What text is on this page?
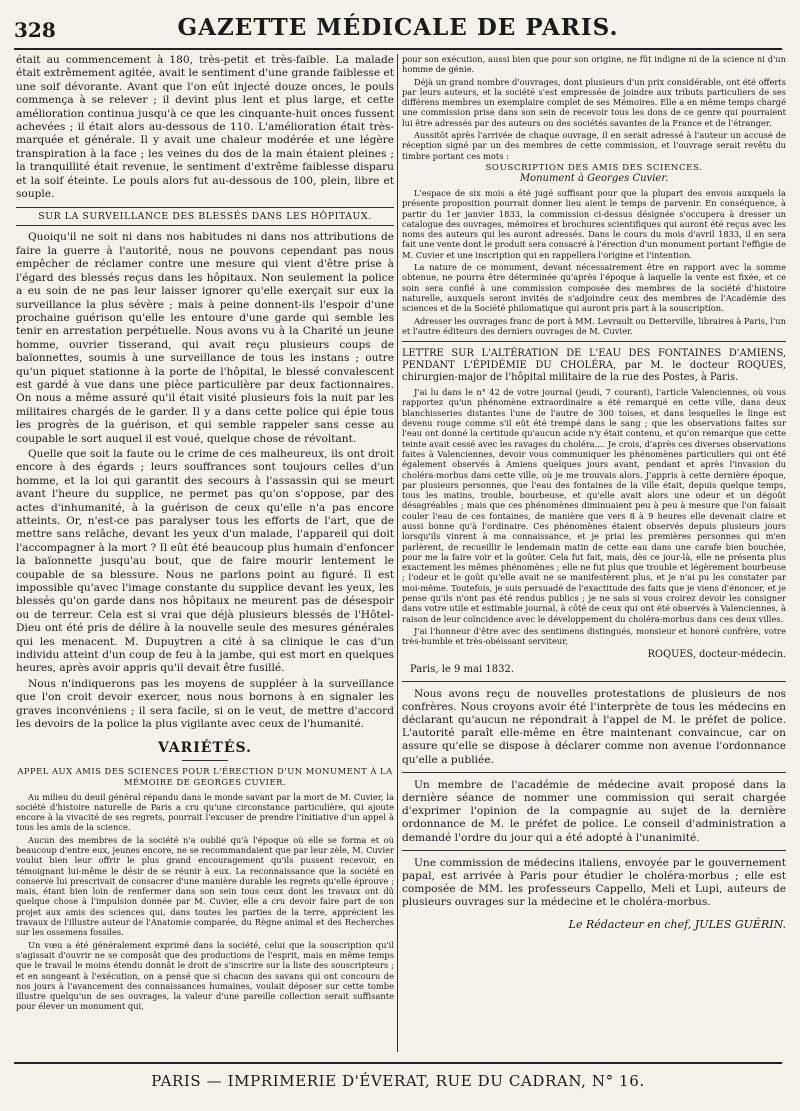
328	GAZETTE MÉDICALE DE PARIS.

était au commencement à 180, très-petit et très-faible. La malade était extrêmement agitée, avait le sentiment d'une grande faiblesse et une soif dévorante. Avant que l'on eût injecté douze onces, le pouls commença à se relever ; il devint plus lent et plus large, et cette amélioration continua jusqu'à ce que les cinquante-huit onces fussent achevées ; il était alors au-dessous de 110. L'amélioration était très-marquée et générale. Il y avait une chaleur modérée et une légère transpiration à la face ; les veines du dos de la main étaient pleines ; la tranquillité était revenue, le sentiment d'extrême faiblesse disparu et la soif éteinte. Le pouls alors fut au-dessous de 100, plein, libre et souple.

SUR LA SURVEILLANCE DES BLESSÉS DANS LES HÔPITAUX.

Quoiqu'il ne soit ni dans nos habitudes ni dans nos attributions de faire la guerre à l'autorité, nous ne pouvons cependant pas nous empêcher de réclamer contre une mesure qui vient d'être prise à l'égard des blessés reçus dans les hôpitaux. Non seulement la police a eu soin de ne pas leur laisser ignorer qu'elle exerçait sur eux la surveillance la plus sévère ; mais à peine donnent-ils l'espoir d'une prochaine guérison qu'elle les entoure d'une garde qui semble les tenir en arrestation perpétuelle. Nous avons vu à la Charité un jeune homme, ouvrier tisserand, qui avait reçu plusieurs coups de baïonnettes, soumis à une surveillance de tous les instans ; outre qu'un piquet stationne à la porte de l'hôpital, le blessé convalescent est gardé à vue dans une pièce particulière par deux factionnaires. On nous a même assuré qu'il était visité plusieurs fois la nuit par les militaires chargés de le garder. Il y a dans cette police qui épie tous les progrès de la guérison, et qui semble rappeler sans cesse au coupable le sort auquel il est voué, quelque chose de révoltant.

Quelle que soit la faute ou le crime de ces malheureux, ils ont droit encore à des égards ; leurs souffrances sont toujours celles d'un homme, et la loi qui garantit des secours à l'assassin qui se meurt avant l'heure du supplice, ne permet pas qu'on s'oppose, par des actes d'inhumanité, à la guérison de ceux qu'elle n'a pas encore atteints. Or, n'est-ce pas paralyser tous les efforts de l'art, que de mettre sans relâche, devant les yeux d'un malade, l'appareil qui doit l'accompagner à la mort ? Il eût été beaucoup plus humain d'enfoncer la baïonnette jusqu'au bout, que de faire mourir lentement le coupable de sa blessure. Nous ne parlons point au figuré. Il est impossible qu'avec l'image constante du supplice devant les yeux, les blessés qu'on garde dans nos hôpitaux ne meurent pas de désespoir ou de terreur. Cela est si vrai que déjà plusieurs blessés de l'Hôtel-Dieu ont été pris de délire à la nouvelle seule des mesures générales qui les menacent. M. Dupuytren a cité à sa clinique le cas d'un individu atteint d'un coup de feu à la jambe, qui est mort en quelques heures, après avoir appris qu'il devait être fusillé.

Nous n'indiquerons pas les moyens de suppléer à la surveillance que l'on croit devoir exercer, nous nous bornons à en signaler les graves inconvéniens ; il sera facile, si on le veut, de mettre d'accord les devoirs de la police la plus vigilante avec ceux de l'humanité.

VARIÉTÉS.
APPEL AUX AMIS DES SCIENCES POUR L'ÉRECTION D'UN MONUMENT À LA MÉMOIRE DE GEORGES CUVIER.

Au milieu du deuil général répandu dans le monde savant par la mort de M. Cuvier, la société d'histoire naturelle de Paris a cru qu'une circonstance particulière, qui ajoute encore à la vivacité de ses regrets, pourrait l'excuser de prendre l'initiative d'un appel à tous les amis de la science.

Aucun des membres de la société n'a oublié qu'à l'époque où elle se forma et où beaucoup d'entre eux, jeunes encore, ne se recommandaient que par leur zèle, M. Cuvier voulut bien leur offrir le plus grand encouragement qu'ils pussent recevoir, en témoignant lui-même le désir de se réunir à eux. La reconnaissance que la société en conserve lui prescrivait de consacrer d'une manière durable les regrets qu'elle éprouve ; mais, étant bien loin de renfermer dans son sein tous ceux dont les travaux ont dû quelque chose à l'impulsion donnée par M. Cuvier, elle a cru devoir faire part de son projet aux amis des sciences qui, dans toutes les parties de la terre, apprécient les travaux de l'illustre auteur de l'Anatomie comparée, du Règne animal et des Recherches sur les ossemens fossiles.

Un vœu a été généralement exprimé dans la société, celui que la souscription qu'il s'agissait d'ouvrir ne se composât que des productions de l'esprit, mais en même temps que le travail le moins étendu donnât le droit de s'inscrire sur la liste des souscripteurs ; et en songeant à l'exécution, on a pensé que si chacun des savans qui ont concouru de nos jours à l'avancement des connaissances humaines, voulait déposer sur cette tombe illustre quelqu'un de ses ouvrages, la valeur d'une pareille collection serait suffisante pour élever un monument qui,

pour son exécution, aussi bien que pour son origine, ne fût indigne ni de la science ni d'un homme de génie.

Déjà un grand nombre d'ouvrages, dont plusieurs d'un prix considérable, ont été offerts par leurs auteurs, et la société s'est empressée de joindre aux tributs particuliers de ses différens membres un exemplaire complet de ses Mémoires. Elle a en même temps chargé une commission prise dans son sein de recevoir tous les dons de ce genre qui pourraient lui être adressés par des auteurs ou des sociétés savantes de la France et de l'étranger.

Aussitôt après l'arrivée de chaque ouvrage, il en serait adressé à l'auteur un accusé de réception signé par un des membres de cette commission, et l'ouvrage serait revêtu du timbre portant ces mots :

SOUSCRIPTION DES AMIS DES SCIENCES.
Monument à Georges Cuvier.

L'espace de six mois a été jugé suffisant pour que la plupart des envois auxquels la présente proposition pourrait donner lieu aient le temps de parvenir. En conséquence, à partir du 1er janvier 1833, la commission ci-dessus désignée s'occupera à dresser un catalogue des ouvrages, mémoires et brochures scientifiques qui auront été reçus avec les noms des auteurs qui les auront adressés. Dans le cours du mois d'avril 1833, il en sera fait une vente dont le produit sera consacré à l'érection d'un monument portant l'effigie de M. Cuvier et une inscription qui en rappellera l'origine et l'intention.

La nature de ce monument, devant nécessairement être en rapport avec la somme obtenue, ne pourra être déterminée qu'après l'époque à laquelle la vente est fixée, et ce soin sera confié à une commission composée des membres de la société d'histoire naturelle, auxquels seront invités de s'adjoindre ceux des membres de l'Académie des sciences et de la Société philomatique qui auront pris part à la souscription.

Adresser les ouvrages franc de port à MM. Levrault ou Detterville, libraires à Paris, l'un et l'autre éditeurs des derniers ouvrages de M. Cuvier.

LETTRE SUR L'ALTÉRATION DE L'EAU DES FONTAINES D'AMIENS, PENDANT L'ÉPIDÉMIE DU CHOLÉRA, par M. le docteur ROQUES, chirurgien-major de l'hôpital militaire de la rue des Postes, à Paris.

J'ai lu dans le n° 42 de votre journal (jeudi, 7 courant), l'article Valenciennes, où vous rapportez qu'un phénomène extraordinaire a été remarqué en cette ville, dans deux blanchisseries distantes l'une de l'autre de 300 toises, et dans lesquelles le linge est devenu rouge comme s'il eût été trempé dans le sang ; que les observations faites sur l'eau ont donné la certitude qu'aucun acide n'y était contenu, et qu'on remarque que cette teinte avait cessé avec les ravages du choléra.... Je crois, d'après ces diverses observations faites à Valenciennes, devoir vous communiquer les phénomènes particuliers qui ont été également observés à Amiens quelques jours avant, pendant et après l'invasion du choléra-morbus dans cette ville, où je me trouvais alors. J'appris à cette dernière époque, par plusieurs personnes, que l'eau des fontaines de la ville était, depuis quelque temps, tous les matins, trouble, bourbeuse, et qu'elle avait alors une odeur et un dégoût désagréables ; mais que ces phénomènes diminuaient peu à peu à mesure que l'on faisait couler l'eau de ces fontaines, de manière que vers 8 à 9 heures elle devenait claire et aussi bonne qu'à l'ordinaire. Ces phénomènes étaient observés depuis plusieurs jours lorsqu'ils vinrent à ma connaissance, et je priai les premières personnes qui m'en parlèrent, de recueillir le lendemain matin de cette eau dans une carafe bien bouchée, pour me la faire voir et la goûter. Cela fut fait, mais, dès ce jour-là, elle ne présenta plus exactement les mêmes phénomènes ; elle ne fut plus que trouble et légèrement bourbeuse ; l'odeur et le goût qu'elle avait ne se manifestèrent plus, et je n'ai pu les constater par moi-même. Toutefois, je suis persuadé de l'exactitude des faits que je viens d'énoncer, et je pense qu'ils n'ont pas été rendus publics ; je ne sais si vous croirez devoir les consigner dans votre utile et estimable journal, à côté de ceux qui ont été observés à Valenciennes, à raison de leur coïncidence avec le développement du choléra-morbus dans ces deux villes.

J'ai l'honneur d'être avec des sentimens distingués, monsieur et honoré confrère, votre très-humble et très-obéissant serviteur,

ROQUES, docteur-médecin.
Paris, le 9 mai 1832.

Nous avons reçu de nouvelles protestations de plusieurs de nos confrères. Nous croyons avoir été l'interprète de tous les médecins en déclarant qu'aucun ne répondrait à l'appel de M. le préfet de police. L'autorité paraît elle-même en être maintenant convaincue, car on assure qu'elle se dispose à déclarer comme non avenue l'ordonnance qu'elle a publiée.

Un membre de l'académie de médecine avait proposé dans la dernière séance de nommer une commission qui serait chargée d'exprimer l'opinion de la compagnie au sujet de la dernière ordonnance de M. le préfet de police. Le conseil d'administration a demandé l'ordre du jour qui a été adopté à l'unanimité.

Une commission de médecins italiens, envoyée par le gouvernement papal, est arrivée à Paris pour étudier le choléra-morbus ; elle est composée de MM. les professeurs Cappello, Meli et Lupi, auteurs de plusieurs ouvrages sur la médecine et le choléra-morbus.

Le Rédacteur en chef, JULES GUÉRIN.
PARIS — IMPRIMERIE D'ÉVERAT, RUE DU CADRAN, N° 16.
